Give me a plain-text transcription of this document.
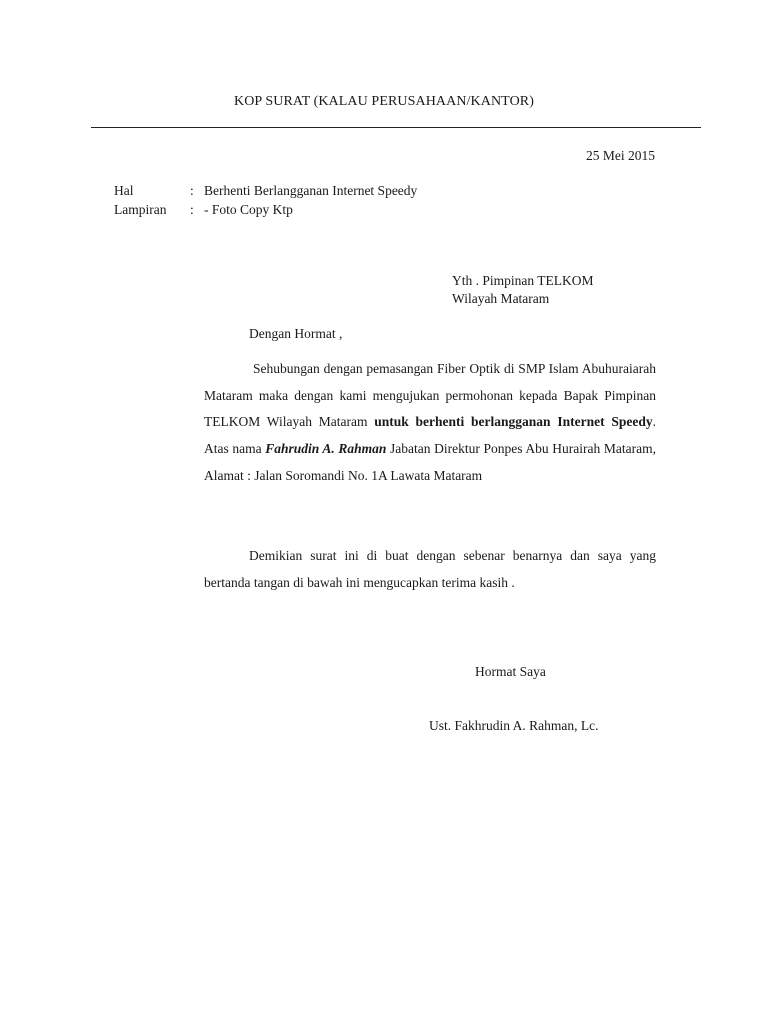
KOP SURAT (KALAU PERUSAHAAN/KANTOR)
25 Mei 2015
Hal	: Berhenti Berlangganan Internet Speedy
Lampiran : - Foto Copy Ktp
Yth . Pimpinan TELKOM
Wilayah Mataram
Dengan Hormat ,
Sehubungan dengan pemasangan Fiber Optik di SMP Islam Abuhuraiarah Mataram maka dengan kami mengujukan permohonan kepada Bapak Pimpinan TELKOM Wilayah Mataram untuk berhenti berlangganan Internet Speedy. Atas nama Fahrudin A. Rahman Jabatan Direktur Ponpes Abu Hurairah Mataram, Alamat : Jalan Soromandi No. 1A Lawata Mataram
Demikian surat ini di buat dengan sebenar benarnya dan saya yang bertanda tangan di bawah ini mengucapkan terima kasih .
Hormat Saya
Ust. Fakhrudin A. Rahman, Lc.
